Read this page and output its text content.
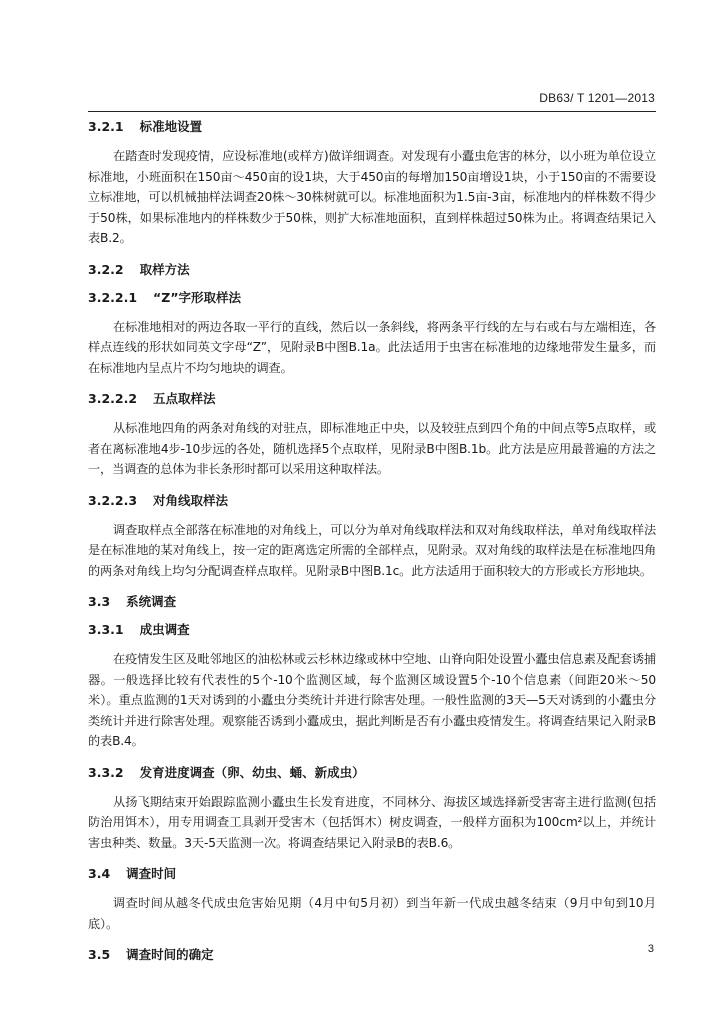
DB63/ T 1201—2013
3.2.1 标准地设置

在踏查时发现疫情，应设标准地(或样方)做详细调查。对发现有小蠹虫危害的林分，以小班为单位设立标准地，小班面积在150亩～450亩的设1块，大于450亩的每增加150亩增设1块，小于150亩的不需要设立标准地，可以机械抽样法调查20株～30株树就可以。标准地面积为1.5亩-3亩，标准地内的样株数不得少于50株，如果标准地内的样株数少于50株，则扩大标准地面积，直到样株超过50株为止。将调查结果记入表B.2。

3.2.2 取样方法
3.2.2.1 “Z”字形取样法

在标准地相对的两边各取一平行的直线，然后以一条斜线，将两条平行线的左与右或右与左端相连，各样点连线的形状如同英文字母“Z”，见附录B中图B.1a。此法适用于虫害在标准地的边缘地带发生量多，而在标准地内呈点片不均匀地块的调查。

3.2.2.2 五点取样法

从标准地四角的两条对角线的对驻点，即标准地正中央，以及较驻点到四个角的中间点等5点取样，或者在离标准地4步-10步远的各处，随机选择5个点取样，见附录B中图B.1b。此方法是应用最普遍的方法之一，当调查的总体为非长条形时都可以采用这种取样法。

3.2.2.3 对角线取样法

调查取样点全部落在标准地的对角线上，可以分为单对角线取样法和双对角线取样法，单对角线取样法是在标准地的某对角线上，按一定的距离选定所需的全部样点，见附录。双对角线的取样法是在标准地四角的两条对角线上均匀分配调查样点取样。见附录B中图B.1c。此方法适用于面积较大的方形或长方形地块。

3.3 系统调查
3.3.1 成虫调查

在疫情发生区及毗邻地区的油松林或云杉林边缘或林中空地、山脊向阳处设置小蠹虫信息素及配套诱捕器。一般选择比较有代表性的5个-10个监测区域，每个监测区域设置5个-10个信息素（间距20米～50米）。重点监测的1天对诱到的小蠹虫分类统计并进行除害处理。一般性监测的3天—5天对诱到的小蠹虫分类统计并进行除害处理。观察能否诱到小蠹成虫，据此判断是否有小蠹虫疫情发生。将调查结果记入附录B的表B.4。

3.3.2 发育进度调查（卵、幼虫、蛹、新成虫）

从扬飞期结束开始跟踪监测小蠹虫生长发育进度，不同林分、海拔区域选择新受害寄主进行监测(包括防治用饵木），用专用调查工具剥开受害木（包括饵木）树皮调查，一般样方面积为100cm²以上，并统计害虫种类、数量。3天-5天监测一次。将调查结果记入附录B的表B.6。

3.4 调查时间

调查时间从越冬代成虫危害始见期（4月中旬5月初）到当年新一代成虫越冬结束（9月中旬到10月底）。

3.5 调查时间的确定	3
